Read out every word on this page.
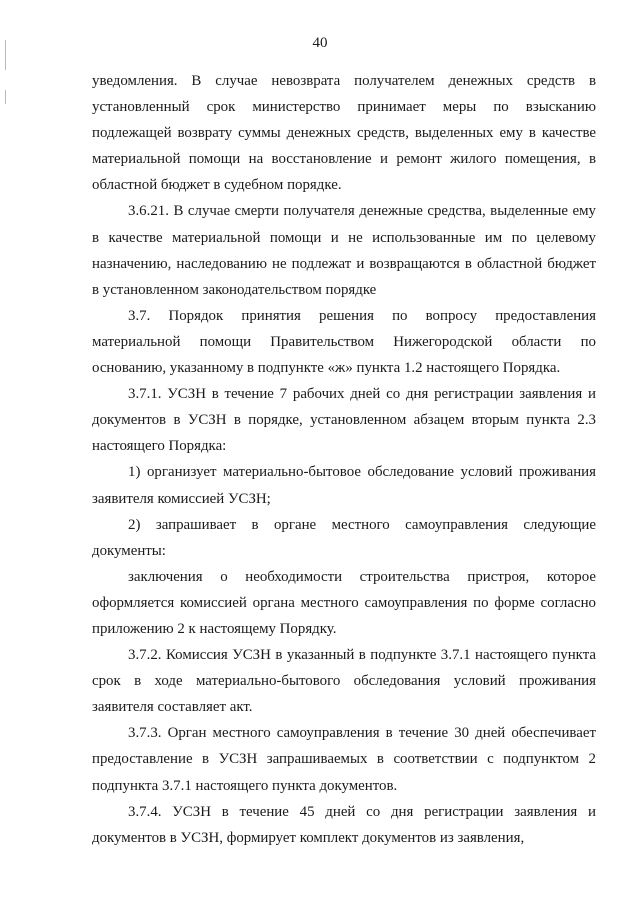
40

уведомления. В случае невозврата получателем денежных средств в установленный срок министерство принимает меры по взысканию подлежащей возврату суммы денежных средств, выделенных ему в качестве материальной помощи на восстановление и ремонт жилого помещения, в областной бюджет в судебном порядке.

3.6.21. В случае смерти получателя денежные средства, выделенные ему в качестве материальной помощи и не использованные им по целевому назначению, наследованию не подлежат и возвращаются в областной бюджет в установленном законодательством порядке

3.7. Порядок принятия решения по вопросу предоставления материальной помощи Правительством Нижегородской области по основанию, указанному в подпункте «ж» пункта 1.2 настоящего Порядка.

3.7.1. УСЗН в течение 7 рабочих дней со дня регистрации заявления и документов в УСЗН в порядке, установленном абзацем вторым пункта 2.3 настоящего Порядка:

1) организует материально-бытовое обследование условий проживания заявителя комиссией УСЗН;

2) запрашивает в органе местного самоуправления следующие документы:

заключения о необходимости строительства пристроя, которое оформляется комиссией органа местного самоуправления по форме согласно приложению 2 к настоящему Порядку.

3.7.2. Комиссия УСЗН в указанный в подпункте 3.7.1 настоящего пункта срок в ходе материально-бытового обследования условий проживания заявителя составляет акт.

3.7.3. Орган местного самоуправления в течение 30 дней обеспечивает предоставление в УСЗН запрашиваемых в соответствии с подпунктом 2 подпункта 3.7.1 настоящего пункта документов.

3.7.4. УСЗН в течение 45 дней со дня регистрации заявления и документов в УСЗН, формирует комплект документов из заявления,
